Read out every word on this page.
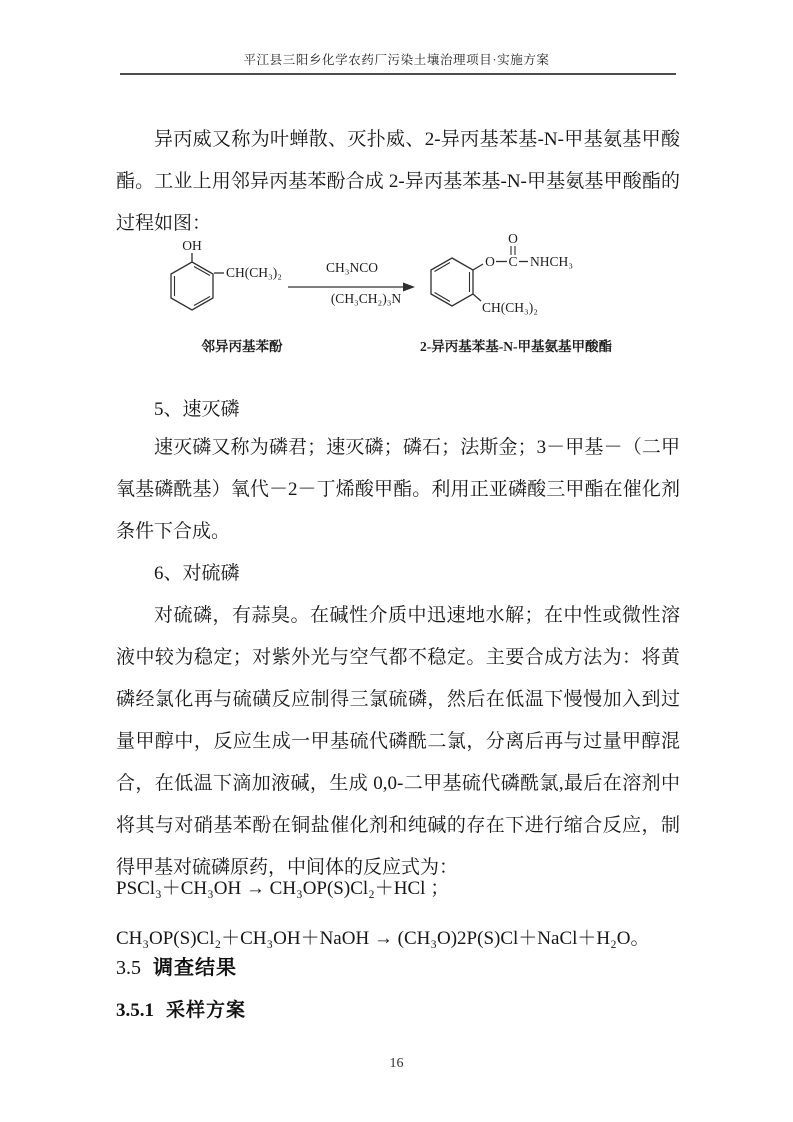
平江县三阳乡化学农药厂污染土壤治理项目·实施方案

异丙威又称为叶蝉散、灭扑威、2-异丙基苯基-N-甲基氨基甲酸酯。工业上用邻异丙基苯酚合成 2-异丙基苯基-N-甲基氨基甲酸酯的过程如图：

OH
CH(CH₃)₂
邻异丙基苯酚
CH₃NCO
(CH₃CH₂)₃N
O C
O
NHCH₃
CH(CH₃)₂
2-异丙基苯基-N-甲基氨基甲酸酯

5、速灭磷

速灭磷又称为磷君；速灭磷；磷石；法斯金；3－甲基－（二甲氧基磷酰基）氧代－2－丁烯酸甲酯。利用正亚磷酸三甲酯在催化剂条件下合成。

6、对硫磷

对硫磷，有蒜臭。在碱性介质中迅速地水解；在中性或微性溶液中较为稳定；对紫外光与空气都不稳定。主要合成方法为：将黄磷经氯化再与硫磺反应制得三氯硫磷，然后在低温下慢慢加入到过量甲醇中，反应生成一甲基硫代磷酰二氯，分离后再与过量甲醇混合，在低温下滴加液碱，生成 0,0-二甲基硫代磷酰氯,最后在溶剂中将其与对硝基苯酚在铜盐催化剂和纯碱的存在下进行缩合反应，制得甲基对硫磷原药，中间体的反应式为：

PSCl₃＋CH₃OH → CH₃OP(S)Cl₂＋HCl ；
CH₃OP(S)Cl₂＋CH₃OH＋NaOH → (CH₃O)2P(S)Cl＋NaCl＋H₂O。
3.5 调查结果
3.5.1 采样方案
16
